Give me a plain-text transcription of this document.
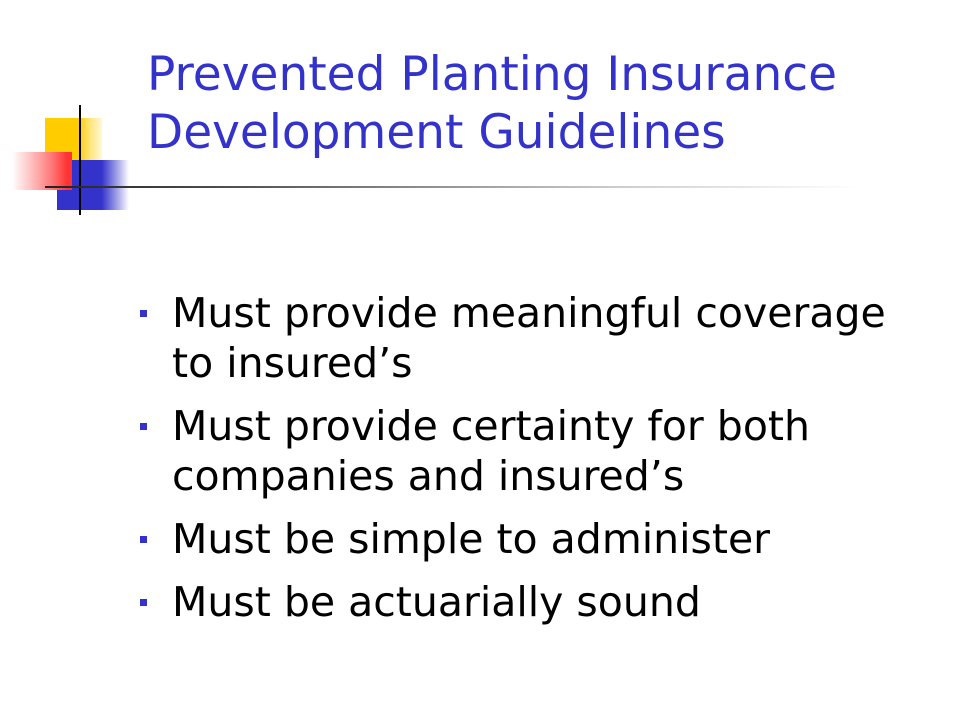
Prevented Planting Insurance
Development Guidelines
Must provide meaningful coverage
to insured’s
Must provide certainty for both
companies and insured’s
Must be simple to administer
Must be actuarially sound
